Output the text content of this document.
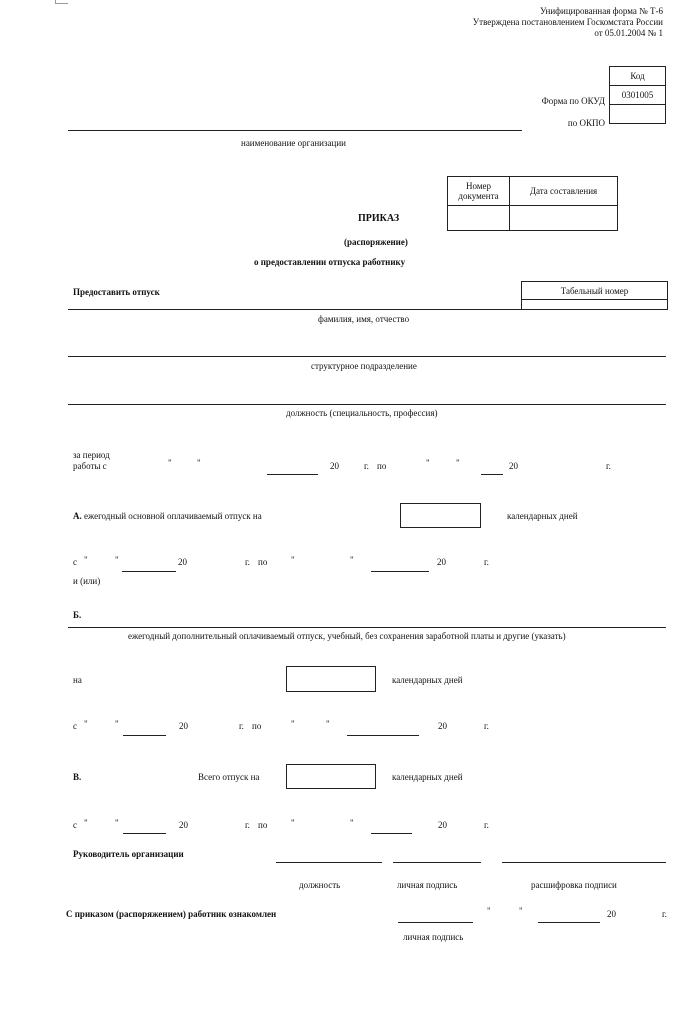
Унифицированная форма № Т-6
Утверждена постановлением Госкомстата России
от 05.01.2004 № 1
Код
0301005

Форма по ОКУД
по ОКПО
наименование организации
Номер документа	Дата составления

ПРИКАЗ
(распоряжение)
о предоставлении отпуска работнику
Предоставить отпуск	Табельный номер
фамилия, имя, отчество
структурное подразделение
должность (специальность, профессия)
за период
работы с	"	"	20	г. по	"	"	20	г.
А. ежегодный основной оплачиваемый отпуск на	календарных дней
с "	"	20	г. по	"	"	20	г.
и (или)
Б.
ежегодный дополнительный оплачиваемый отпуск, учебный, без сохранения заработной платы и другие (указать)
на	календарных дней
с "	"	20	г. по	"	"	20	г.
В.	Всего отпуск на	календарных дней
с "	"	20	г. по	"	"	20	г.
Руководитель организации
должность	личная подпись	расшифровка подписи
С приказом (распоряжением) работник ознакомлен	"	"	20	г.
личная подпись
